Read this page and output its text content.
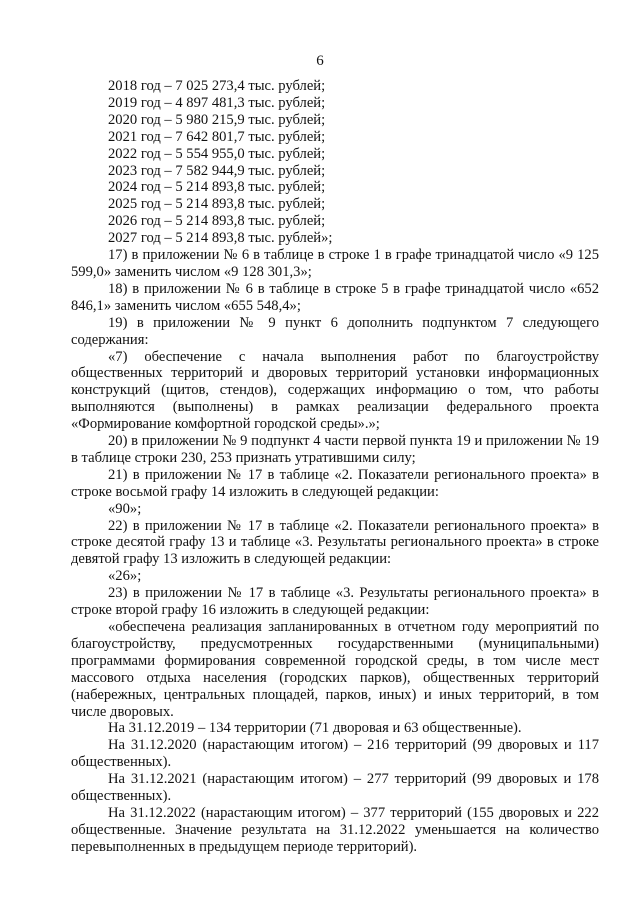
6
2018 год – 7 025 273,4 тыс. рублей;
2019 год – 4 897 481,3 тыс. рублей;
2020 год – 5 980 215,9 тыс. рублей;
2021 год – 7 642 801,7 тыс. рублей;
2022 год – 5 554 955,0 тыс. рублей;
2023 год – 7 582 944,9 тыс. рублей;
2024 год – 5 214 893,8 тыс. рублей;
2025 год – 5 214 893,8 тыс. рублей;
2026 год – 5 214 893,8 тыс. рублей;
2027 год – 5 214 893,8 тыс. рублей»;

17) в приложении № 6 в таблице в строке 1 в графе тринадцатой число «9 125 599,0» заменить числом «9 128 301,3»;

18) в приложении № 6 в таблице в строке 5 в графе тринадцатой число «652 846,1» заменить числом «655 548,4»;

19) в приложении № 9 пункт 6 дополнить подпунктом 7 следующего содержания:

«7) обеспечение с начала выполнения работ по благоустройству общественных территорий и дворовых территорий установки информационных конструкций (щитов, стендов), содержащих информацию о том, что работы выполняются (выполнены) в рамках реализации федерального проекта «Формирование комфортной городской среды».»;

20) в приложении № 9 подпункт 4 части первой пункта 19 и приложении № 19 в таблице строки 230, 253 признать утратившими силу;

21) в приложении № 17 в таблице «2. Показатели регионального проекта» в строке восьмой графу 14 изложить в следующей редакции:

«90»;

22) в приложении № 17 в таблице «2. Показатели регионального проекта» в строке десятой графу 13 и таблице «3. Результаты регионального проекта» в строке девятой графу 13 изложить в следующей редакции:

«26»;

23) в приложении № 17 в таблице «3. Результаты регионального проекта» в строке второй графу 16 изложить в следующей редакции:

«обеспечена реализация запланированных в отчетном году мероприятий по благоустройству, предусмотренных государственными (муниципальными) программами формирования современной городской среды, в том числе мест массового отдыха населения (городских парков), общественных территорий (набережных, центральных площадей, парков, иных) и иных территорий, в том числе дворовых.

На 31.12.2019 – 134 территории (71 дворовая и 63 общественные).

На 31.12.2020 (нарастающим итогом) – 216 территорий (99 дворовых и 117 общественных).

На 31.12.2021 (нарастающим итогом) – 277 территорий (99 дворовых и 178 общественных).

На 31.12.2022 (нарастающим итогом) – 377 территорий (155 дворовых и 222 общественные. Значение результата на 31.12.2022 уменьшается на количество перевыполненных в предыдущем периоде территорий).
